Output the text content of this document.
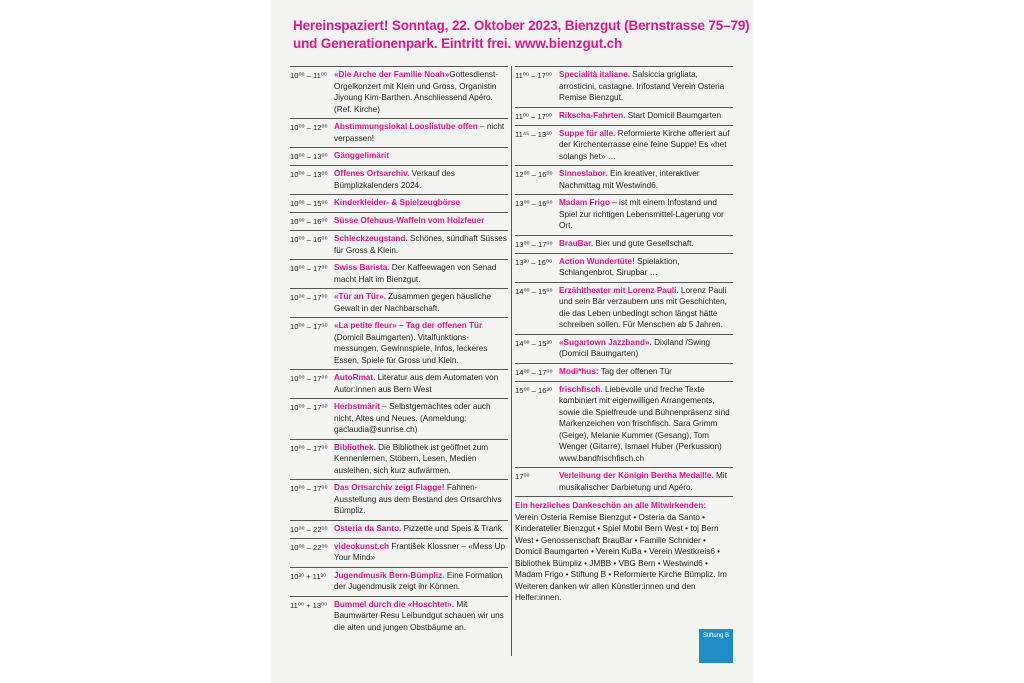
Hereinspaziert! Sonntag, 22. Oktober 2023, Bienzgut (Bernstrasse 75–79)
und Generationenpark. Eintritt frei. www.bienzgut.ch
10⁰⁰ – 11⁰⁰ «Die Arche der Familie Noah»Gottesdienst-Orgelkonzert mit Klein und Gross, Organistin Jiyoung Kim-Barthen. Anschliessend Apéro. (Ref. Kirche)
10⁰⁰ – 12⁰⁰ Abstimmungslokal Looslistube offen – nicht verpassen!
10⁰⁰ – 13⁰⁰ Gänggelimärit
10⁰⁰ – 13⁰⁰ Offenes Ortsarchiv. Verkauf des Bümplizkalenders 2024.
10⁰⁰ – 15⁰⁰ Kinderkleider- & Spielzeugbörse
10⁰⁰ – 16⁰⁰ Süsse Ofehuus-Waffeln vom Holzfeuer
10⁰⁰ – 16⁰⁰ Schleckzeugstand. Schönes, sündhaft Süsses für Gross & Klein.
10⁰⁰ – 17⁰⁰ Swiss Barista. Der Kaffeewagen von Senad macht Halt im Bienzgut.
10⁰⁰ – 17⁰⁰ «Tür an Tür». Zusammen gegen häusliche Gewalt in der Nachbarschaft.
10⁰⁰ – 17⁰⁰ «La petite fleur» – Tag der offenen Tür (Domicil Baumgarten). Vitalfunktions-messungen, Gewinnspiele, Infos, leckeres Essen, Spiele für Gross und Klein.
10⁰⁰ – 17⁰⁰ AutoRmat. Literatur aus dem Automaten von Autor:innen aus Bern West
10⁰⁰ – 17⁰⁰ Herbstmärit – Selbstgemachtes oder auch nicht, Altes und Neues. (Anmeldung: gaclaudia@sunrise.ch)
10⁰⁰ – 17⁰⁰ Bibliothek. Die Bibliothek ist geöffnet zum Kennenlernen, Stöbern, Lesen, Medien ausleihen, sich kurz aufwärmen.
10⁰⁰ – 17⁰⁰ Das Ortsarchiv zeigt Flagge! Fahnen-Ausstellung aus dem Bestand des Ortsarchivs Bümpliz.
10⁰⁰ – 22⁰⁰ Osteria da Santo. Pizzette und Speis & Trank
10⁰⁰ – 22⁰⁰ videokunst.ch František Klossner – «Mess Up Your Mind»
10³⁰ + 11³⁰ Jugendmusik Bern-Bümpliz. Eine Formation der Jugendmusik zeigt ihr Können.
11⁰⁰ + 13⁰⁰ Bummel durch die «Hoschtet». Mit Baumwärter Resu Leibundgut schauen wir uns die alten und jungen Obstbäume an.
11⁰⁰ – 17⁰⁰ Specialità italiane. Salsiccia grigliata, arrosticini, castagne. Infostand Verein Osteria Remise Bienzgut.
11⁰⁰ – 17⁰⁰ Rikscha-Fahrten. Start Domicil Baumgarten
11⁴⁵ – 13³⁰ Suppe für alle. Reformierte Kirche offeriert auf der Kirchenterrasse eine feine Suppe! Es «het solangs het» …
12⁰⁰ – 16⁰⁰ Sinneslabor. Ein kreativer, interaktiver Nachmittag mit Westwind6.
13⁰⁰ – 16⁰⁰ Madam Frigo – ist mit einem Infostand und Spiel zur richtigen Lebensmittel-Lagerung vor Ort.
13⁰⁰ – 17⁰⁰ BrauBar. Bier und gute Gesellschaft.
13³⁰ – 16⁰⁰ Action Wundertüte! Spielaktion, Schlangenbrot, Sirupbar …
14⁰⁰ – 15⁰⁰ Erzähltheater mit Lorenz Pauli. Lorenz Pauli und sein Bär verzaubern uns mit Geschichten, die das Leben unbedingt schon längst hätte schreiben sollen. Für Menschen ab 5 Jahren.
14⁰⁰ – 15³⁰ «Sugartown Jazzband». Dixiland /Swing (Domicil Baumgarten)
14⁰⁰ – 17⁰⁰ Modi*hus: Tag der offenen Tür
15⁰⁰ – 16³⁰ frischfisch. Liebevolle und freche Texte kombiniert mit eigenwilligen Arrangements, sowie die Spielfreude und Bühnenpräsenz sind Markenzeichen von frischfisch. Sara Grimm (Geige), Melanie Kummer (Gesang), Tom Wenger (Gitarre), Ismael Huber (Perkussion) www.bandfrischfisch.ch
17⁰⁰	Verleihung der Königin Bertha Medaille. Mit musikalischer Darbietung und Apéro.
Ein herzliches Dankeschön an alle Mitwirkenden:
Verein Osteria Remise Bienzgut • Osteria da Santo • Kinderatelier Bienzgut • Spiel Mobil Bern West • toj Bern West • Genossenschaft BrauBar • Familie Schnider • Domicil Baumgarten • Verein KuBa • Verein Westkreis6 • Bibliothek Bümpliz • JMBB • VBG Bern • Westwind6 • Madam Frigo • Stiftung B • Reformierte Kirche Bümpliz. Im Weiteren danken wir allen Künstler:innen und den Helfer:innen.
Stiftung B
